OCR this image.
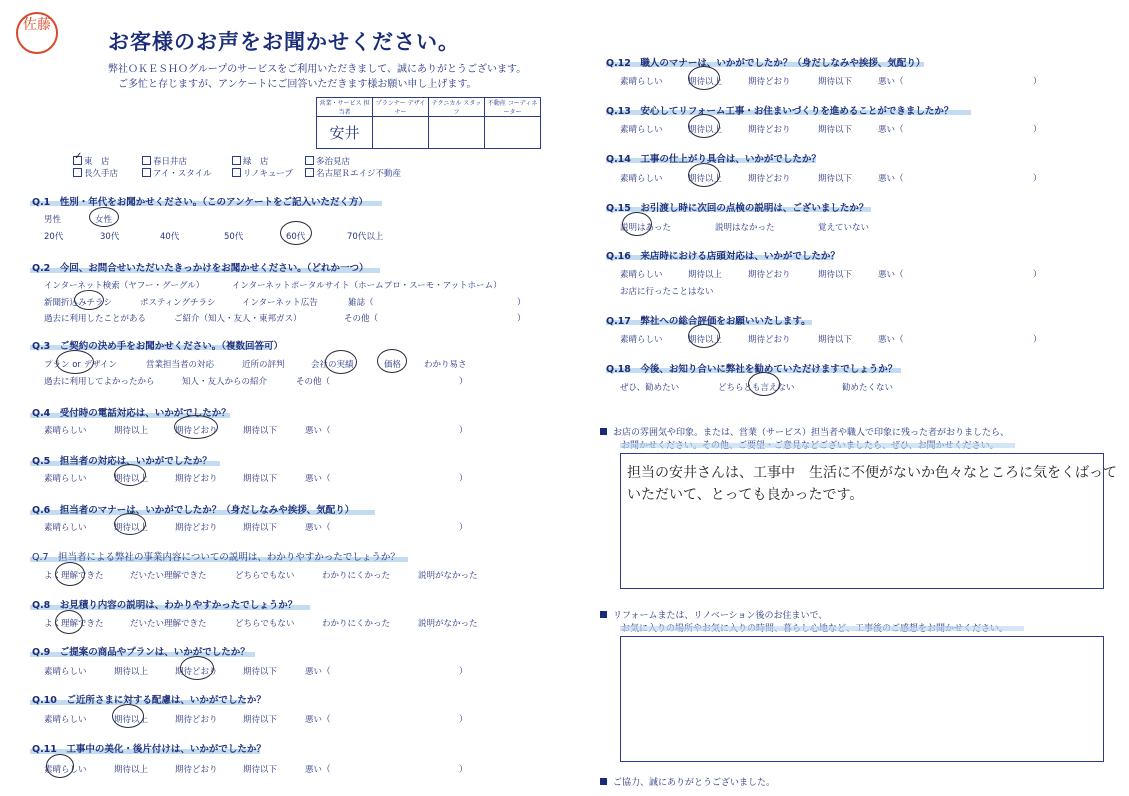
佐藤
お客様のお声をお聞かせください。
弊社ＯＫＥＳＨＯグループのサービスをご利用いただきまして、誠にありがとうございます。
ご多忙と存じますが、アンケートにご回答いただきます様お願い申し上げます。
営業・サービス 担当者	プランナー デザイナー	テクニカル スタッフ	不動産 コーディネーター
安井			
✓ 東　店	春日井店	緑　店	多治見店
長久手店	アイ・スタイル	リノキューブ	名古屋Ｒエイジ不動産
Q.1　性別・年代をお聞かせください。（このアンケートをご記入いただく方）
男性	女性
20代	30代	40代	50代	60代	70代以上
Q.2　今回、お問合せいただいたきっかけをお聞かせください。（どれか一つ）
インターネット検索（ヤフー・グーグル）	インターネットポータルサイト（ホームプロ・スーモ・アットホーム）
新聞折込みチラシ	ポスティングチラシ	インターネット広告	雑誌（	）
過去に利用したことがある	ご紹介（知人・友人・東邦ガス）	その他（	）
Q.3　ご契約の決め手をお聞かせください。（複数回答可）
プラン or デザイン	営業担当者の対応	近所の評判	会社の実績	価格	わかり易さ
過去に利用してよかったから	知人・友人からの紹介	その他（	）
Q.4　受付時の電話対応は、いかがでしたか？
素晴らしい	期待以上	期待どおり	期待以下	悪い（	）
Q.5　担当者の対応は、いかがでしたか？
素晴らしい	期待以上	期待どおり	期待以下	悪い（	）
Q.6　担当者のマナーは、いかがでしたか？（身だしなみや挨拶、気配り）
素晴らしい	期待以上	期待どおり	期待以下	悪い（	）
Q.7　担当者による弊社の事業内容についての説明は、わかりやすかったでしょうか？
よく理解できた	だいたい理解できた	どちらでもない	わかりにくかった	説明がなかった
Q.8　お見積り内容の説明は、わかりやすかったでしょうか？
よく理解できた	だいたい理解できた	どちらでもない	わかりにくかった	説明がなかった
Q.9　ご提案の商品やプランは、いかがでしたか？
素晴らしい	期待以上	期待どおり	期待以下	悪い（	）
Q.10　ご近所さまに対する配慮は、いかがでしたか？
素晴らしい	期待以上	期待どおり	期待以下	悪い（	）
Q.11　工事中の美化・後片付けは、いかがでしたか？
素晴らしい	期待以上	期待どおり	期待以下	悪い（	）
Q.12　職人のマナーは、いかがでしたか？（身だしなみや挨拶、気配り）
素晴らしい	期待以上	期待どおり	期待以下	悪い（	）
Q.13　安心してリフォーム工事・お住まいづくりを進めることができましたか？
素晴らしい	期待以上	期待どおり	期待以下	悪い（	）
Q.14　工事の仕上がり具合は、いかがでしたか？
素晴らしい	期待以上	期待どおり	期待以下	悪い（	）
Q.15　お引渡し時に次回の点検の説明は、ございましたか？
説明はあった	説明はなかった	覚えていない
Q.16　来店時における店頭対応は、いかがでしたか？
素晴らしい	期待以上	期待どおり	期待以下	悪い（	）
お店に行ったことはない
Q.17　弊社への総合評価をお願いいたします。
素晴らしい	期待以上	期待どおり	期待以下	悪い（	）
Q.18　今後、お知り合いに弊社を勧めていただけますでしょうか？
ぜひ、勧めたい	どちらとも言えない	勧めたくない
お店の雰囲気や印象。または、営業（サービス）担当者や職人で印象に残った者がおりましたら、
担当の安井さんは、工事中　生活に不便がないか色々なところに気をくばって
いただいて、とっても良かったです。
リフォームまたは、リノベーション後のお住まいで、
ご協力、誠にありがとうございました。
